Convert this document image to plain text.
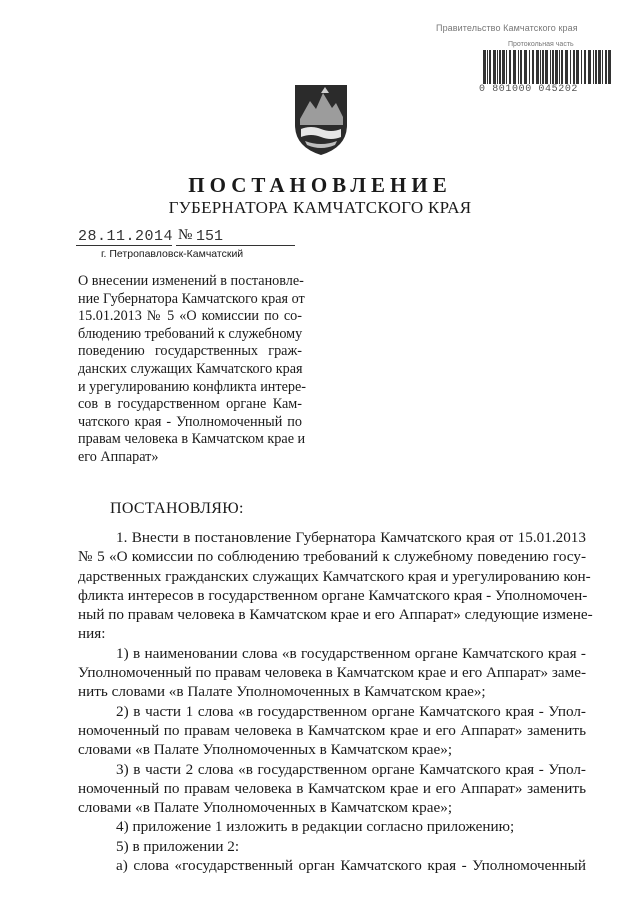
Правительство Камчатского края
Протокольная часть
0 801000 045202
ПОСТАНОВЛЕНИЕ
ГУБЕРНАТОРА КАМЧАТСКОГО КРАЯ
28.11.2014 № 151
г. Петропавловск-Камчатский
О внесении изменений в постановле-
ние Губернатора Камчатского края от
15.01.2013 № 5 «О комиссии по со-
блюдению требований к служебному
поведению государственных граж-
данских служащих Камчатского края
и урегулированию конфликта интере-
сов в государственном органе Кам-
чатского края - Уполномоченный по
правам человека в Камчатском крае и
его Аппарат»
ПОСТАНОВЛЯЮ:
1. Внести в постановление Губернатора Камчатского края от 15.01.2013
№ 5 «О комиссии по соблюдению требований к служебному поведению госу-
дарственных гражданских служащих Камчатского края и урегулированию кон-
фликта интересов в государственном органе Камчатского края - Уполномочен-
ный по правам человека в Камчатском крае и его Аппарат» следующие измене-
ния:
1) в наименовании слова «в государственном органе Камчатского края -
Уполномоченный по правам человека в Камчатском крае и его Аппарат» заме-
нить словами «в Палате Уполномоченных в Камчатском крае»;
2) в части 1 слова «в государственном органе Камчатского края - Упол-
номоченный по правам человека в Камчатском крае и его Аппарат» заменить
словами «в Палате Уполномоченных в Камчатском крае»;
3) в части 2 слова «в государственном органе Камчатского края - Упол-
номоченный по правам человека в Камчатском крае и его Аппарат» заменить
словами «в Палате Уполномоченных в Камчатском крае»;
4) приложение 1 изложить в редакции согласно приложению;
5) в приложении 2:
а) слова «государственный орган Камчатского края - Уполномоченный
